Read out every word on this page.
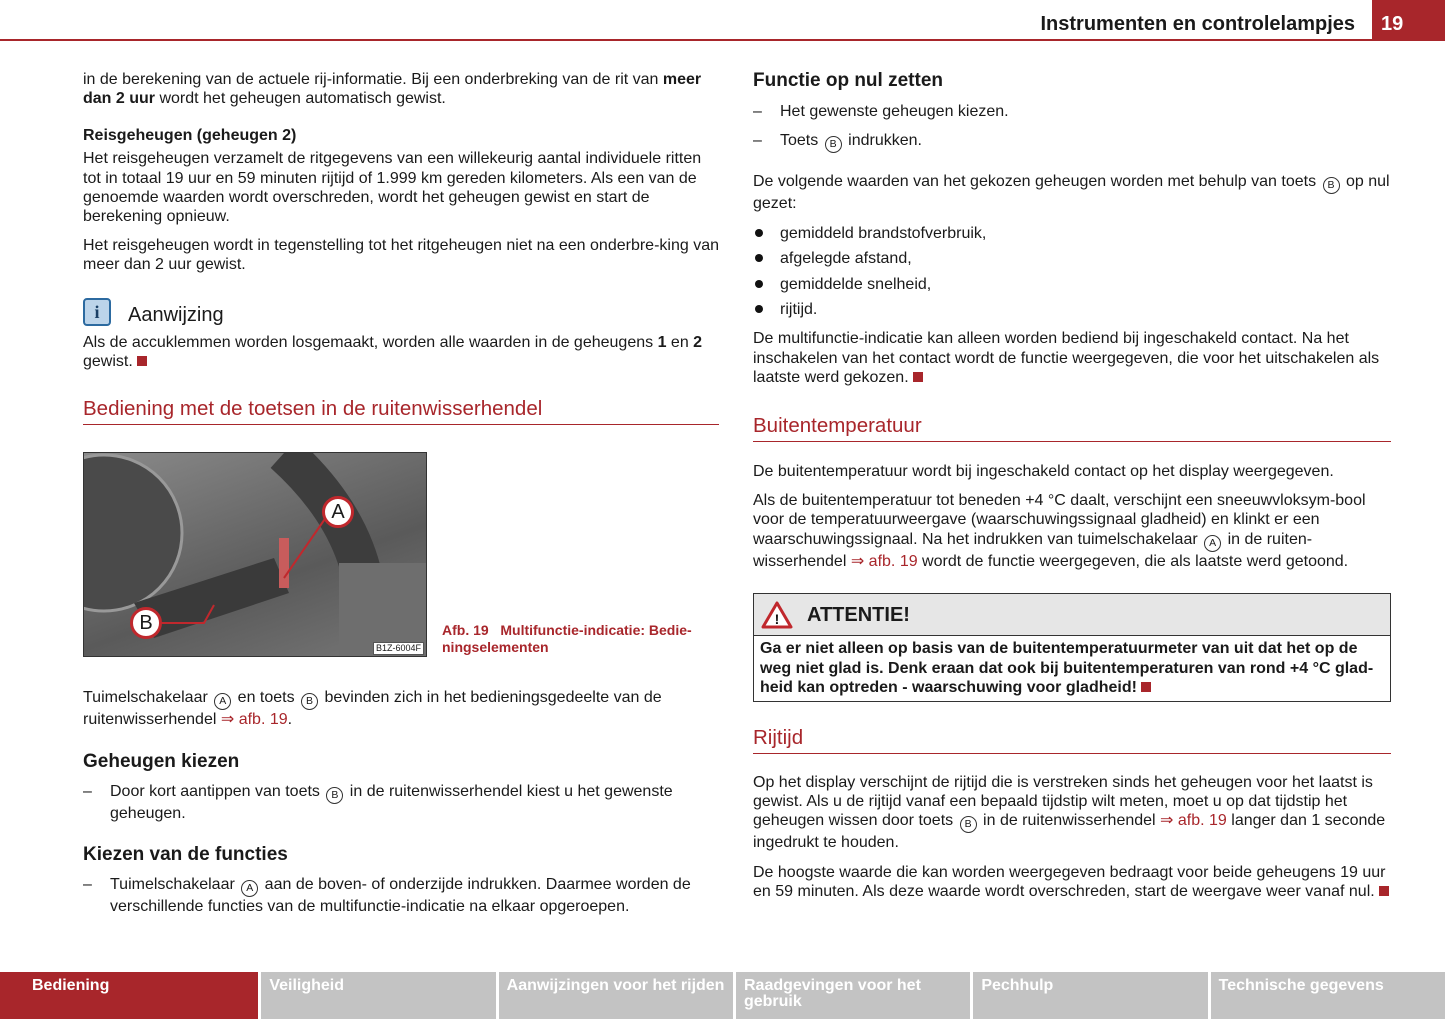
Instrumenten en controlelampjes	19
in de berekening van de actuele rij-informatie. Bij een onderbreking van de rit van meer dan 2 uur wordt het geheugen automatisch gewist.
Reisgeheugen (geheugen 2)
Het reisgeheugen verzamelt de ritgegevens van een willekeurig aantal individuele ritten tot in totaal 19 uur en 59 minuten rijtijd of 1.999 km gereden kilometers. Als een van de genoemde waarden wordt overschreden, wordt het geheugen gewist en start de berekening opnieuw.
Het reisgeheugen wordt in tegenstelling tot het ritgeheugen niet na een onderbre-king van meer dan 2 uur gewist.
i	Aanwijzing
Als de accuklemmen worden losgemaakt, worden alle waarden in de geheugens 1 en 2 gewist.
Bediening met de toetsen in de ruitenwisserhendel
A
B
B1Z-6004F
Afb. 19 Multifunctie-indicatie: Bedie-ningselementen
Tuimelschakelaar A en toets B bevinden zich in het bedieningsgedeelte van de ruitenwisserhendel ⇒ afb. 19.
Geheugen kiezen
– Door kort aantippen van toets B in de ruitenwisserhendel kiest u het gewenste geheugen.
Kiezen van de functies
– Tuimelschakelaar A aan de boven- of onderzijde indrukken. Daarmee worden de verschillende functies van de multifunctie-indicatie na elkaar opgeroepen.
Functie op nul zetten
– Het gewenste geheugen kiezen.
– Toets B indrukken.
De volgende waarden van het gekozen geheugen worden met behulp van toets B op nul gezet:
gemiddeld brandstofverbruik,
afgelegde afstand,
gemiddelde snelheid,
rijtijd.
De multifunctie-indicatie kan alleen worden bediend bij ingeschakeld contact. Na het inschakelen van het contact wordt de functie weergegeven, die voor het uitschakelen als laatste werd gekozen.
Buitentemperatuur
De buitentemperatuur wordt bij ingeschakeld contact op het display weergegeven.
Als de buitentemperatuur tot beneden +4 °C daalt, verschijnt een sneeuwvloksym-bool voor de temperatuurweergave (waarschuwingssignaal gladheid) en klinkt er een waarschuwingssignaal. Na het indrukken van tuimelschakelaar A in de ruiten-wisserhendel ⇒ afb. 19 wordt de functie weergegeven, die als laatste werd getoond.
! ATTENTIE!
Ga er niet alleen op basis van de buitentemperatuurmeter van uit dat het op de weg niet glad is. Denk eraan dat ook bij buitentemperaturen van rond +4 °C glad-heid kan optreden - waarschuwing voor gladheid!
Rijtijd
Op het display verschijnt de rijtijd die is verstreken sinds het geheugen voor het laatst is gewist. Als u de rijtijd vanaf een bepaald tijdstip wilt meten, moet u op dat tijdstip het geheugen wissen door toets B in de ruitenwisserhendel ⇒ afb. 19 langer dan 1 seconde ingedrukt te houden.
De hoogste waarde die kan worden weergegeven bedraagt voor beide geheugens 19 uur en 59 minuten. Als deze waarde wordt overschreden, start de weergave weer vanaf nul.
Bediening	Veiligheid	Aanwijzingen voor het rijden	Raadgevingen voor het gebruik
Pechhulp	Technische gegevens
